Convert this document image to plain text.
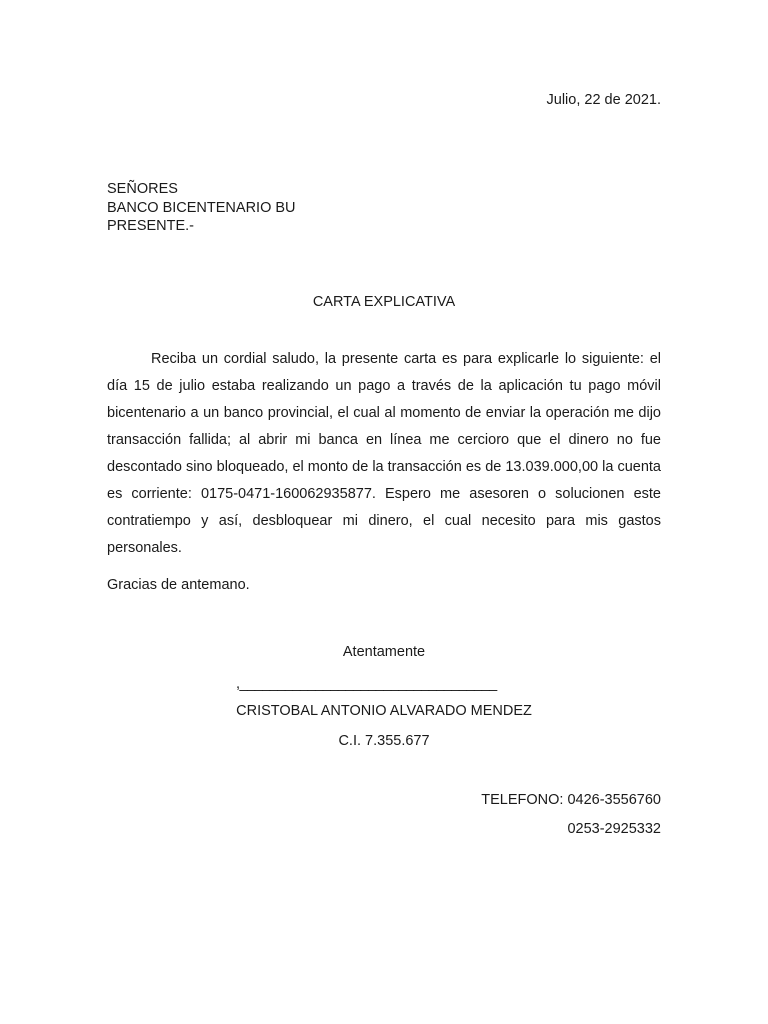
Julio, 22 de 2021.
SEÑORES
BANCO BICENTENARIO BU
PRESENTE.-
CARTA EXPLICATIVA

Reciba un cordial saludo, la presente carta es para explicarle lo siguiente: el día 15 de julio estaba realizando un pago a través de la aplicación tu pago móvil bicentenario a un banco provincial, el cual al momento de enviar la operación me dijo transacción fallida; al abrir mi banca en línea me cercioro que el dinero no fue descontado sino bloqueado, el monto de la transacción es de 13.039.000,00 la cuenta es corriente: 0175-0471-160062935877. Espero me asesoren o solucionen este contratiempo y así, desbloquear mi dinero, el cual necesito para mis gastos personales.

Gracias de antemano.
Atentamente
,__________________________________
CRISTOBAL ANTONIO ALVARADO MENDEZ
C.I. 7.355.677
TELEFONO: 0426-3556760
0253-2925332
